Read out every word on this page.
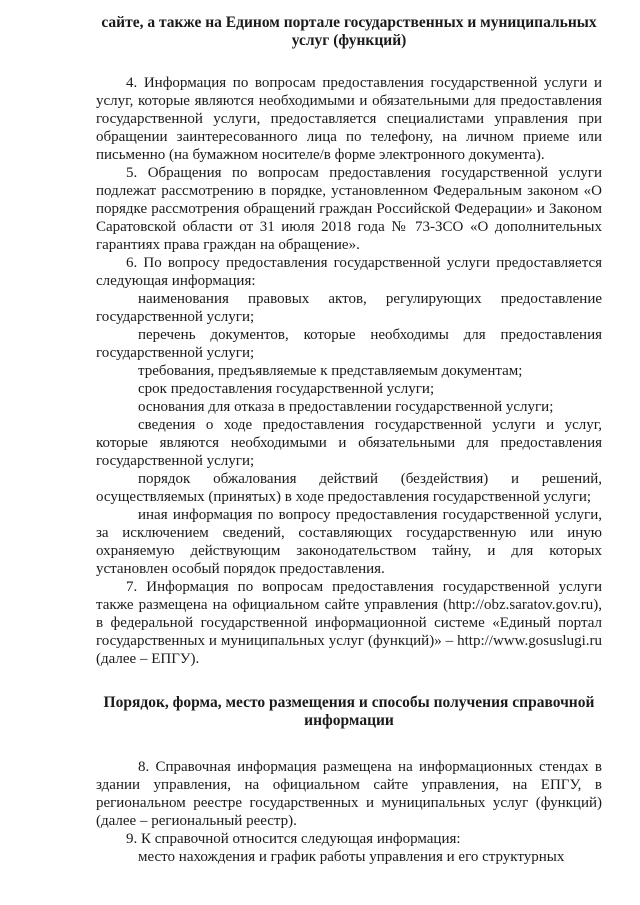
сайте, а также на Едином портале государственных и муниципальных услуг (функций)

4. Информация по вопросам предоставления государственной услуги и услуг, которые являются необходимыми и обязательными для предоставления государственной услуги, предоставляется специалистами управления при обращении заинтересованного лица по телефону, на личном приеме или письменно (на бумажном носителе/в форме электронного документа).

5. Обращения по вопросам предоставления государственной услуги подлежат рассмотрению в порядке, установленном Федеральным законом «О порядке рассмотрения обращений граждан Российской Федерации» и Законом Саратовской области от 31 июля 2018 года № 73-ЗСО «О дополнительных гарантиях права граждан на обращение».

6. По вопросу предоставления государственной услуги предоставляется следующая информация:

наименования правовых актов, регулирующих предоставление государственной услуги;

перечень документов, которые необходимы для предоставления государственной услуги;

требования, предъявляемые к представляемым документам;

срок предоставления государственной услуги;

основания для отказа в предоставлении государственной услуги;

сведения о ходе предоставления государственной услуги и услуг, которые являются необходимыми и обязательными для предоставления государственной услуги;

порядок обжалования действий (бездействия) и решений, осуществляемых (принятых) в ходе предоставления государственной услуги;

иная информация по вопросу предоставления государственной услуги, за исключением сведений, составляющих государственную или иную охраняемую действующим законодательством тайну, и для которых установлен особый порядок предоставления.

7. Информация по вопросам предоставления государственной услуги также размещена на официальном сайте управления (http://obz.saratov.gov.ru), в федеральной государственной информационной системе «Единый портал государственных и муниципальных услуг (функций)» – http://www.gosuslugi.ru (далее – ЕПГУ).

Порядок, форма, место размещения и способы получения справочной информации

8. Справочная информация размещена на информационных стендах в здании управления, на официальном сайте управления, на ЕПГУ, в региональном реестре государственных и муниципальных услуг (функций) (далее – региональный реестр).

9. К справочной относится следующая информация:

место нахождения и график работы управления и его структурных
